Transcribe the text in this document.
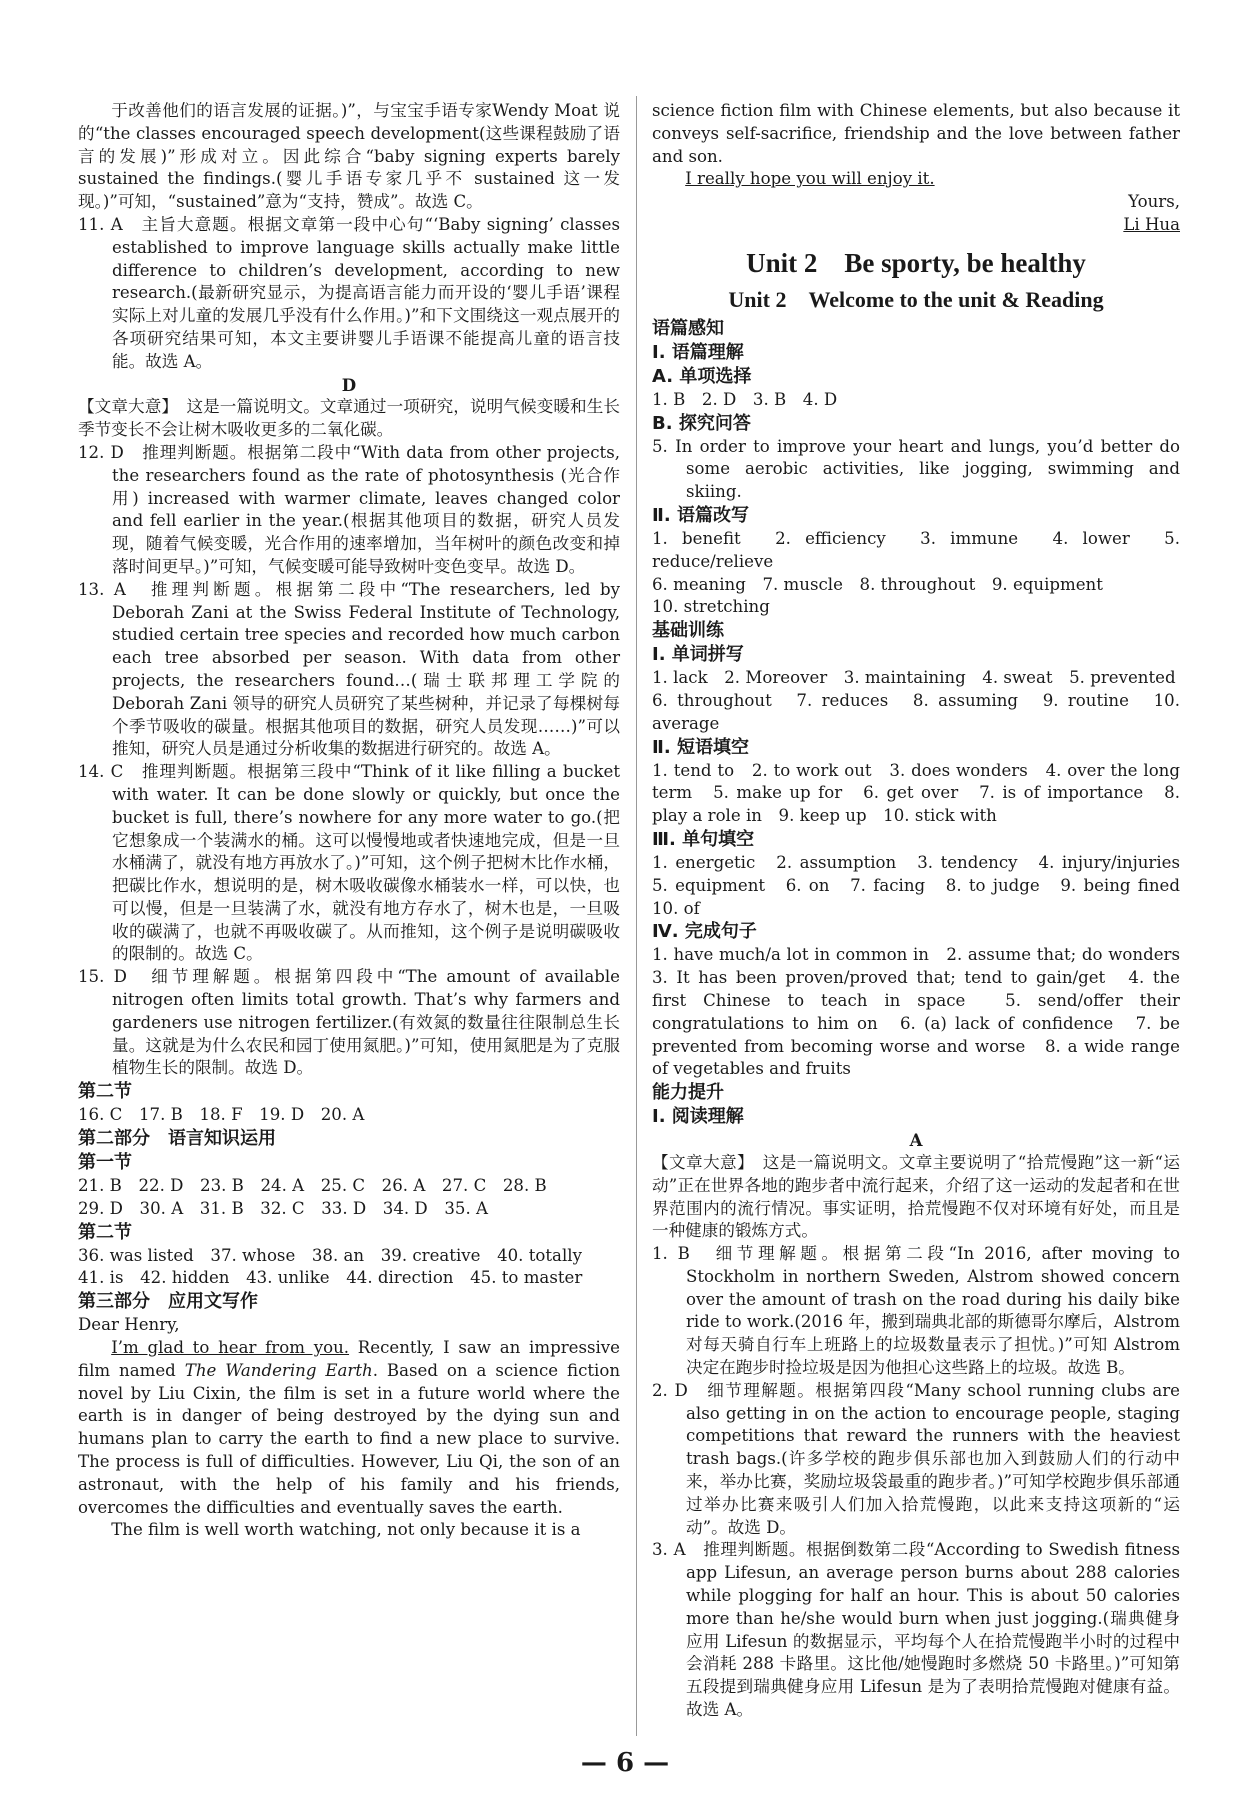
于改善他们的语言发展的证据。)”，与宝宝手语专家Wendy Moat 说的“the classes encouraged speech development(这些课程鼓励了语言的发展)”形成对立。因此综合“baby signing experts barely sustained the findings.(婴儿手语专家几乎不 sustained 这一发现。)”可知，“sustained”意为“支持，赞成”。故选 C。

11. A　主旨大意题。根据文章第一段中心句“‘Baby signing’ classes established to improve language skills actually make little difference to children’s development, according to new research.(最新研究显示，为提高语言能力而开设的‘婴儿手语’课程实际上对儿童的发展几乎没有什么作用。)”和下文围绕这一观点展开的各项研究结果可知，本文主要讲婴儿手语课不能提高儿童的语言技能。故选 A。

D

【文章大意】　这是一篇说明文。文章通过一项研究，说明气候变暖和生长季节变长不会让树木吸收更多的二氧化碳。

12. D　推理判断题。根据第二段中“With data from other projects, the researchers found as the rate of photosynthesis (光合作用) increased with warmer climate, leaves changed color and fell earlier in the year.(根据其他项目的数据，研究人员发现，随着气候变暖，光合作用的速率增加，当年树叶的颜色改变和掉落时间更早。)”可知，气候变暖可能导致树叶变色变早。故选 D。

13. A　推理判断题。根据第二段中“The researchers, led by Deborah Zani at the Swiss Federal Institute of Technology, studied certain tree species and recorded how much carbon each tree absorbed per season. With data from other projects, the researchers found…(瑞士联邦理工学院的 Deborah Zani 领导的研究人员研究了某些树种，并记录了每棵树每个季节吸收的碳量。根据其他项目的数据，研究人员发现……)”可以推知，研究人员是通过分析收集的数据进行研究的。故选 A。

14. C　推理判断题。根据第三段中“Think of it like filling a bucket with water. It can be done slowly or quickly, but once the bucket is full, there’s nowhere for any more water to go.(把它想象成一个装满水的桶。这可以慢慢地或者快速地完成，但是一旦水桶满了，就没有地方再放水了。)”可知，这个例子把树木比作水桶，把碳比作水，想说明的是，树木吸收碳像水桶装水一样，可以快，也可以慢，但是一旦装满了水，就没有地方存水了，树木也是，一旦吸收的碳满了，也就不再吸收碳了。从而推知，这个例子是说明碳吸收的限制的。故选 C。

15. D　细节理解题。根据第四段中“The amount of available nitrogen often limits total growth. That’s why farmers and gardeners use nitrogen fertilizer.(有效氮的数量往往限制总生长量。这就是为什么农民和园丁使用氮肥。)”可知，使用氮肥是为了克服植物生长的限制。故选 D。

第二节

16. C　17. B　18. F　19. D　20. A

第二部分　语言知识运用

第一节

21. B　22. D　23. B　24. A　25. C　26. A　27. C　28. B

29. D　30. A　31. B　32. C　33. D　34. D　35. A

第二节

36. was listed　37. whose　38. an　39. creative　40. totally

41. is　42. hidden　43. unlike　44. direction　45. to master

第三部分　应用文写作

Dear Henry,

I’m glad to hear from you. Recently, I saw an impressive film named The Wandering Earth. Based on a science fiction novel by Liu Cixin, the film is set in a future world where the earth is in danger of being destroyed by the dying sun and humans plan to carry the earth to find a new place to survive. The process is full of difficulties. However, Liu Qi, the son of an astronaut, with the help of his family and his friends, overcomes the difficulties and eventually saves the earth.

The film is well worth watching, not only because it is a

science fiction film with Chinese elements, but also because it conveys self-sacrifice, friendship and the love between father and son.

I really hope you will enjoy it.

Yours,

Li Hua

Unit 2　Be sporty, be healthy

Unit 2　Welcome to the unit & Reading

语篇感知

Ⅰ. 语篇理解

A. 单项选择

1. B　2. D　3. B　4. D

B. 探究问答

5. In order to improve your heart and lungs, you’d better do some aerobic activities, like jogging, swimming and skiing.

Ⅱ. 语篇改写

1. benefit　2. efficiency　3. immune　4. lower　5. reduce/relieve

6. meaning　7. muscle　8. throughout　9. equipment

10. stretching

基础训练

Ⅰ. 单词拼写

1. lack　2. Moreover　3. maintaining　4. sweat　5. prevented

6. throughout　7. reduces　8. assuming　9. routine　10. average

Ⅱ. 短语填空

1. tend to　2. to work out　3. does wonders　4. over the long term　5. make up for　6. get over　7. is of importance　8. play a role in　9. keep up　10. stick with

Ⅲ. 单句填空

1. energetic　2. assumption　3. tendency　4. injury/injuries　5. equipment　6. on　7. facing　8. to judge　9. being fined　10. of

Ⅳ. 完成句子

1. have much/a lot in common in　2. assume that; do wonders　3. It has been proven/proved that; tend to gain/get　4. the first Chinese to teach in space　5. send/offer their congratulations to him on　6. (a) lack of confidence　7. be prevented from becoming worse and worse　8. a wide range of vegetables and fruits

能力提升

Ⅰ. 阅读理解

A

【文章大意】　这是一篇说明文。文章主要说明了“拾荒慢跑”这一新“运动”正在世界各地的跑步者中流行起来，介绍了这一运动的发起者和在世界范围内的流行情况。事实证明，拾荒慢跑不仅对环境有好处，而且是一种健康的锻炼方式。

1. B　细节理解题。根据第二段“In 2016, after moving to Stockholm in northern Sweden, Alstrom showed concern over the amount of trash on the road during his daily bike ride to work.(2016 年，搬到瑞典北部的斯德哥尔摩后，Alstrom 对每天骑自行车上班路上的垃圾数量表示了担忧。)”可知 Alstrom 决定在跑步时捡垃圾是因为他担心这些路上的垃圾。故选 B。

2. D　细节理解题。根据第四段“Many school running clubs are also getting in on the action to encourage people, staging competitions that reward the runners with the heaviest trash bags.(许多学校的跑步俱乐部也加入到鼓励人们的行动中来，举办比赛，奖励垃圾袋最重的跑步者。)”可知学校跑步俱乐部通过举办比赛来吸引人们加入拾荒慢跑，以此来支持这项新的“运动”。故选 D。

3. A　推理判断题。根据倒数第二段“According to Swedish fitness app Lifesun, an average person burns about 288 calories while plogging for half an hour. This is about 50 calories more than he/she would burn when just jogging.(瑞典健身应用 Lifesun 的数据显示，平均每个人在拾荒慢跑半小时的过程中会消耗 288 卡路里。这比他/她慢跑时多燃烧 50 卡路里。)”可知第五段提到瑞典健身应用 Lifesun 是为了表明拾荒慢跑对健康有益。故选 A。

— 6 —
